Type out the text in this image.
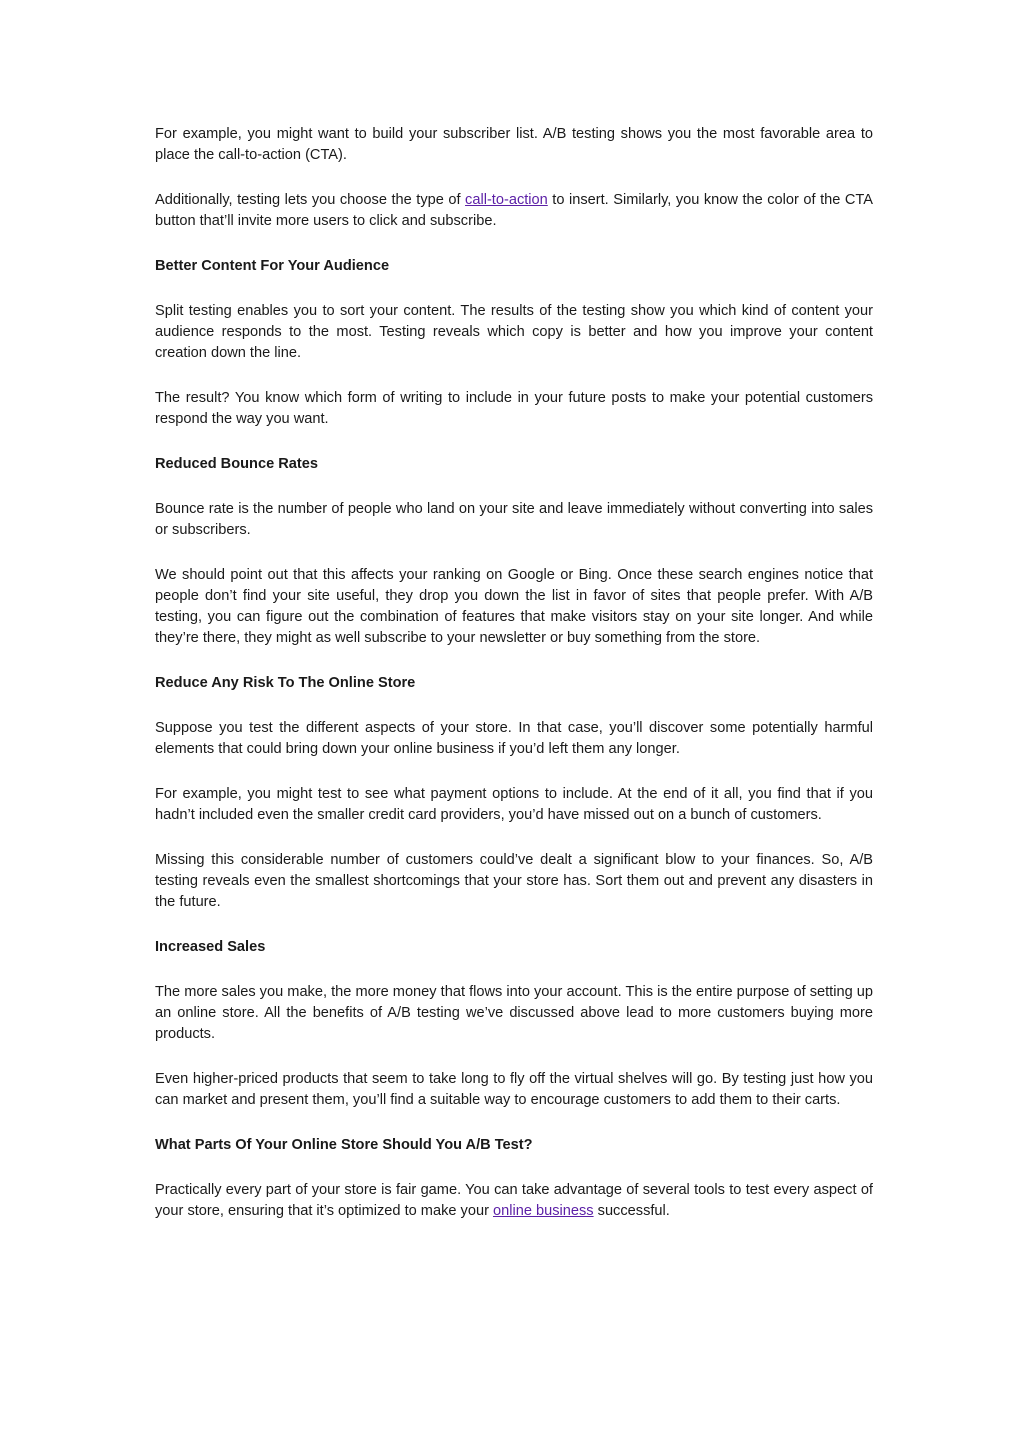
For example, you might want to build your subscriber list. A/B testing shows you the most favorable area to place the call-to-action (CTA).

Additionally, testing lets you choose the type of call-to-action to insert. Similarly, you know the color of the CTA button that’ll invite more users to click and subscribe.

Better Content For Your Audience

Split testing enables you to sort your content. The results of the testing show you which kind of content your audience responds to the most. Testing reveals which copy is better and how you improve your content creation down the line.

The result? You know which form of writing to include in your future posts to make your potential customers respond the way you want.

Reduced Bounce Rates

Bounce rate is the number of people who land on your site and leave immediately without converting into sales or subscribers.

We should point out that this affects your ranking on Google or Bing. Once these search engines notice that people don’t find your site useful, they drop you down the list in favor of sites that people prefer. With A/B testing, you can figure out the combination of features that make visitors stay on your site longer. And while they’re there, they might as well subscribe to your newsletter or buy something from the store.

Reduce Any Risk To The Online Store

Suppose you test the different aspects of your store. In that case, you’ll discover some potentially harmful elements that could bring down your online business if you’d left them any longer.

For example, you might test to see what payment options to include. At the end of it all, you find that if you hadn’t included even the smaller credit card providers, you’d have missed out on a bunch of customers.

Missing this considerable number of customers could’ve dealt a significant blow to your finances. So, A/B testing reveals even the smallest shortcomings that your store has. Sort them out and prevent any disasters in the future.

Increased Sales

The more sales you make, the more money that flows into your account. This is the entire purpose of setting up an online store. All the benefits of A/B testing we’ve discussed above lead to more customers buying more products.

Even higher-priced products that seem to take long to fly off the virtual shelves will go. By testing just how you can market and present them, you’ll find a suitable way to encourage customers to add them to their carts.

What Parts Of Your Online Store Should You A/B Test?

Practically every part of your store is fair game. You can take advantage of several tools to test every aspect of your store, ensuring that it’s optimized to make your online business successful.
